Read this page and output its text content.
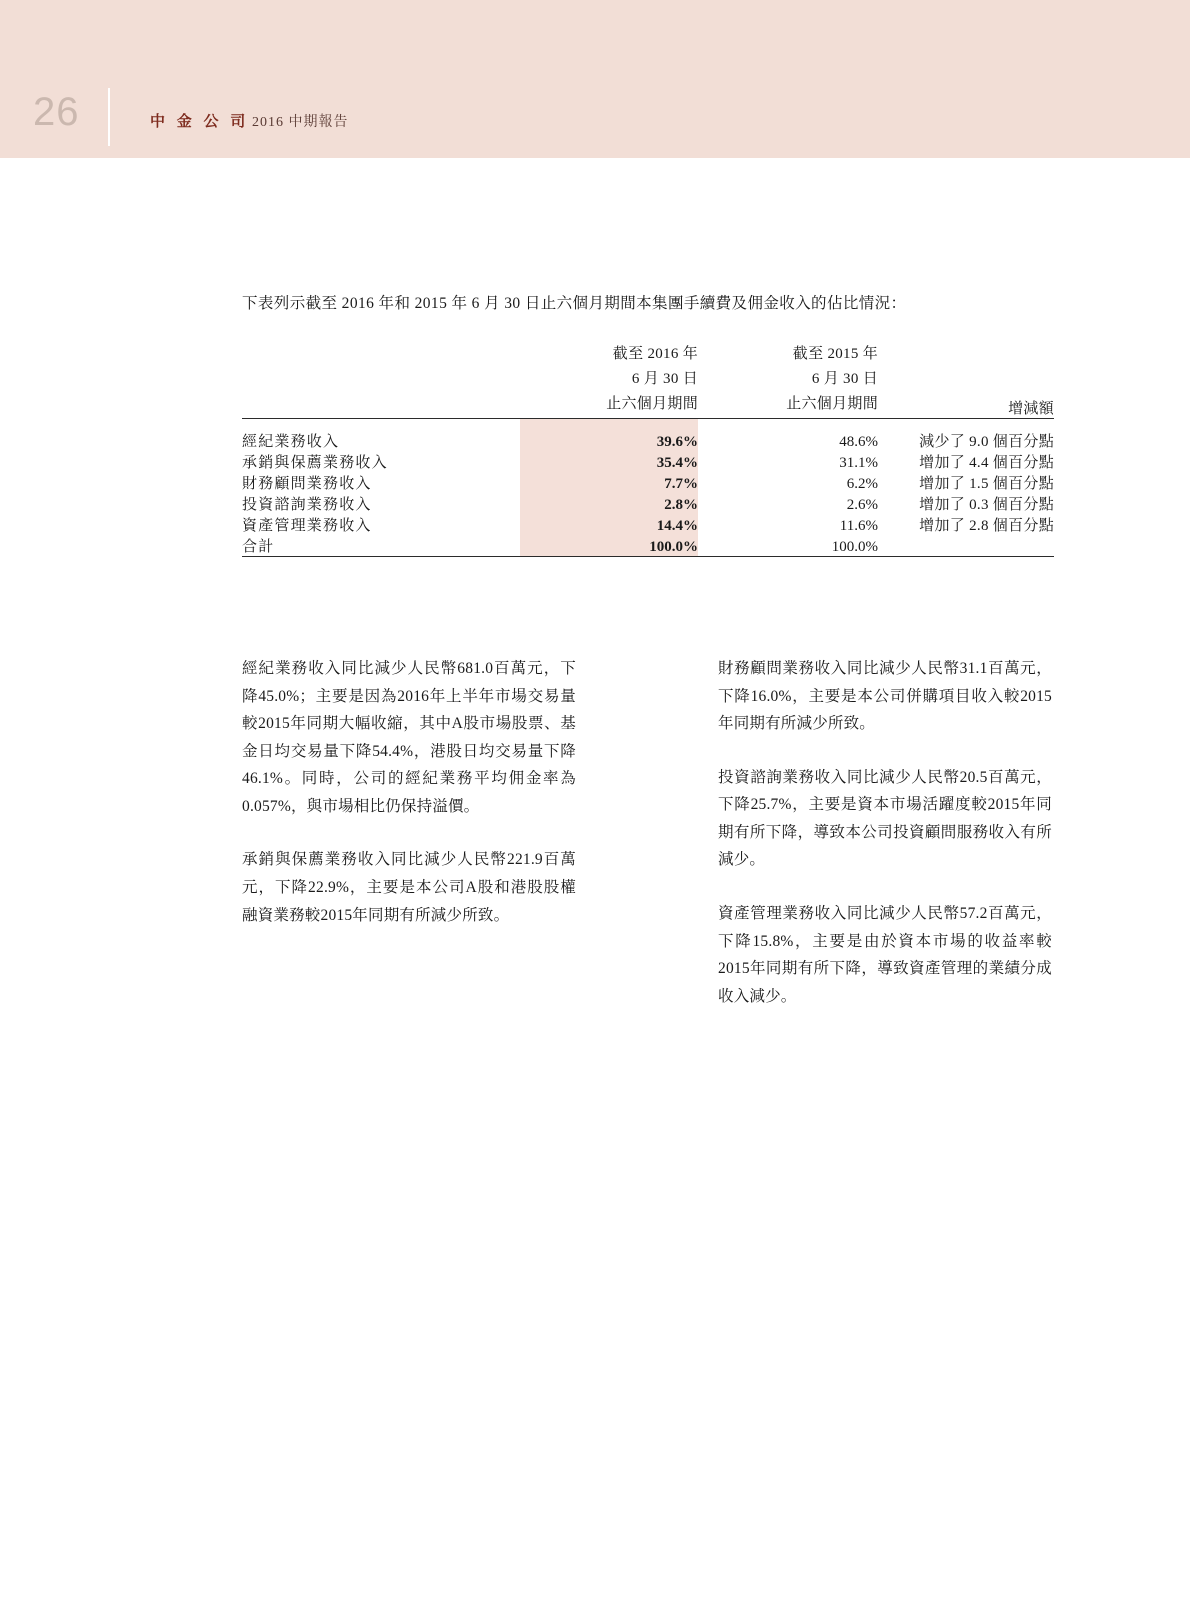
26	中 金 公 司 2016 中期報告
下表列示截至 2016 年和 2015 年 6 月 30 日止六個月期間本集團手續費及佣金收入的佔比情況：

	截至 2016 年
6 月 30 日
止六個月期間	截至 2015 年
6 月 30 日
止六個月期間	增減額

經紀業務收入	39.6%	48.6%	減少了 9.0 個百分點
承銷與保薦業務收入	35.4%	31.1%	增加了 4.4 個百分點
財務顧問業務收入	7.7%	6.2%	增加了 1.5 個百分點
投資諮詢業務收入	2.8%	2.6%	增加了 0.3 個百分點
資產管理業務收入	14.4%	11.6%	增加了 2.8 個百分點
合計	100.0%	100.0%	

經紀業務收入同比減少人民幣681.0百萬元，下降45.0%；主要是因為2016年上半年市場交易量較2015年同期大幅收縮，其中A股市場股票、基金日均交易量下降54.4%，港股日均交易量下降46.1%。同時，公司的經紀業務平均佣金率為0.057%，與市場相比仍保持溢價。

承銷與保薦業務收入同比減少人民幣221.9百萬元，下降22.9%，主要是本公司A股和港股股權融資業務較2015年同期有所減少所致。

財務顧問業務收入同比減少人民幣31.1百萬元，下降16.0%，主要是本公司併購項目收入較2015年同期有所減少所致。

投資諮詢業務收入同比減少人民幣20.5百萬元，下降25.7%，主要是資本市場活躍度較2015年同期有所下降，導致本公司投資顧問服務收入有所減少。

資產管理業務收入同比減少人民幣57.2百萬元，下降15.8%，主要是由於資本市場的收益率較2015年同期有所下降，導致資產管理的業績分成收入減少。
